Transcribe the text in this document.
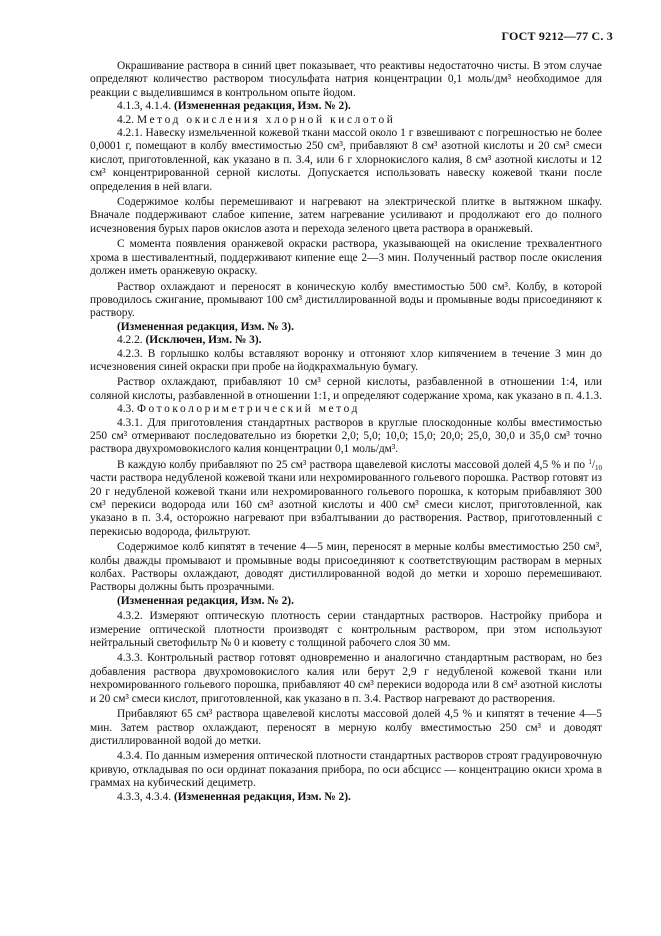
ГОСТ 9212—77 С. 3

Окрашивание раствора в синий цвет показывает, что реактивы недостаточно чисты. В этом случае определяют количество раствором тиосульфата натрия концентрации 0,1 моль/дм³ необходимое для реакции с выделившимся в контрольном опыте йодом.

4.1.3, 4.1.4. (Измененная редакция, Изм. № 2).

4.2. Метод окисления хлорной кислотой

4.2.1. Навеску измельченной кожевой ткани массой около 1 г взвешивают с погрешностью не более 0,0001 г, помещают в колбу вместимостью 250 см³, прибавляют 8 см³ азотной кислоты и 20 см³ смеси кислот, приготовленной, как указано в п. 3.4, или 6 г хлорнокислого калия, 8 см³ азотной кислоты и 12 см³ концентрированной серной кислоты. Допускается использовать навеску кожевой ткани после определения в ней влаги.

Содержимое колбы перемешивают и нагревают на электрической плитке в вытяжном шкафу. Вначале поддерживают слабое кипение, затем нагревание усиливают и продолжают его до полного исчезновения бурых паров окислов азота и перехода зеленого цвета раствора в оранжевый.

С момента появления оранжевой окраски раствора, указывающей на окисление трехвалентного хрома в шестивалентный, поддерживают кипение еще 2—3 мин. Полученный раствор после окисления должен иметь оранжевую окраску.

Раствор охлаждают и переносят в коническую колбу вместимостью 500 см³. Колбу, в которой проводилось сжигание, промывают 100 см³ дистиллированной воды и промывные воды присоединяют к раствору.

(Измененная редакция, Изм. № 3).

4.2.2. (Исключен, Изм. № 3).

4.2.3. В горлышко колбы вставляют воронку и отгоняют хлор кипячением в течение 3 мин до исчезновения синей окраски при пробе на йодкрахмальную бумагу.

Раствор охлаждают, прибавляют 10 см³ серной кислоты, разбавленной в отношении 1:4, или соляной кислоты, разбавленной в отношении 1:1, и определяют содержание хрома, как указано в п. 4.1.3.

4.3. Фотоколориметрический метод

4.3.1. Для приготовления стандартных растворов в круглые плоскодонные колбы вместимостью 250 см³ отмеривают последовательно из бюретки 2,0; 5,0; 10,0; 15,0; 20,0; 25,0, 30,0 и 35,0 см³ точно раствора двухромовокислого калия концентрации 0,1 моль/дм³.

В каждую колбу прибавляют по 25 см³ раствора щавелевой кислоты массовой долей 4,5 % и по $^1/_{10}$ части раствора недубленой кожевой ткани или нехромированного гольевого порошка. Раствор готовят из 20 г недубленой кожевой ткани или нехромированного гольевого порошка, к которым прибавляют 300 см³ перекиси водорода или 160 см³ азотной кислоты и 400 см³ смеси кислот, приготовленной, как указано в п. 3.4, осторожно нагревают при взбалтывании до растворения. Раствор, приготовленный с перекисью водорода, фильтруют.

Содержимое колб кипятят в течение 4—5 мин, переносят в мерные колбы вместимостью 250 см³, колбы дважды промывают и промывные воды присоединяют к соответствующим растворам в мерных колбах. Растворы охлаждают, доводят дистиллированной водой до метки и хорошо перемешивают. Растворы должны быть прозрачными.

(Измененная редакция, Изм. № 2).

4.3.2. Измеряют оптическую плотность серии стандартных растворов. Настройку прибора и измерение оптической плотности производят с контрольным раствором, при этом используют нейтральный светофильтр № 0 и кювету с толщиной рабочего слоя 30 мм.

4.3.3. Контрольный раствор готовят одновременно и аналогично стандартным растворам, но без добавления раствора двухромовокислого калия или берут 2,9 г недубленой кожевой ткани или нехромированного гольевого порошка, прибавляют 40 см³ перекиси водорода или 8 см³ азотной кислоты и 20 см³ смеси кислот, приготовленной, как указано в п. 3.4. Раствор нагревают до растворения.

Прибавляют 65 см³ раствора щавелевой кислоты массовой долей 4,5 % и кипятят в течение 4—5 мин. Затем раствор охлаждают, переносят в мерную колбу вместимостью 250 см³ и доводят дистиллированной водой до метки.

4.3.4. По данным измерения оптической плотности стандартных растворов строят градуировочную кривую, откладывая по оси ординат показания прибора, по оси абсцисс — концентрацию окиси хрома в граммах на кубический дециметр.

4.3.3, 4.3.4. (Измененная редакция, Изм. № 2).
